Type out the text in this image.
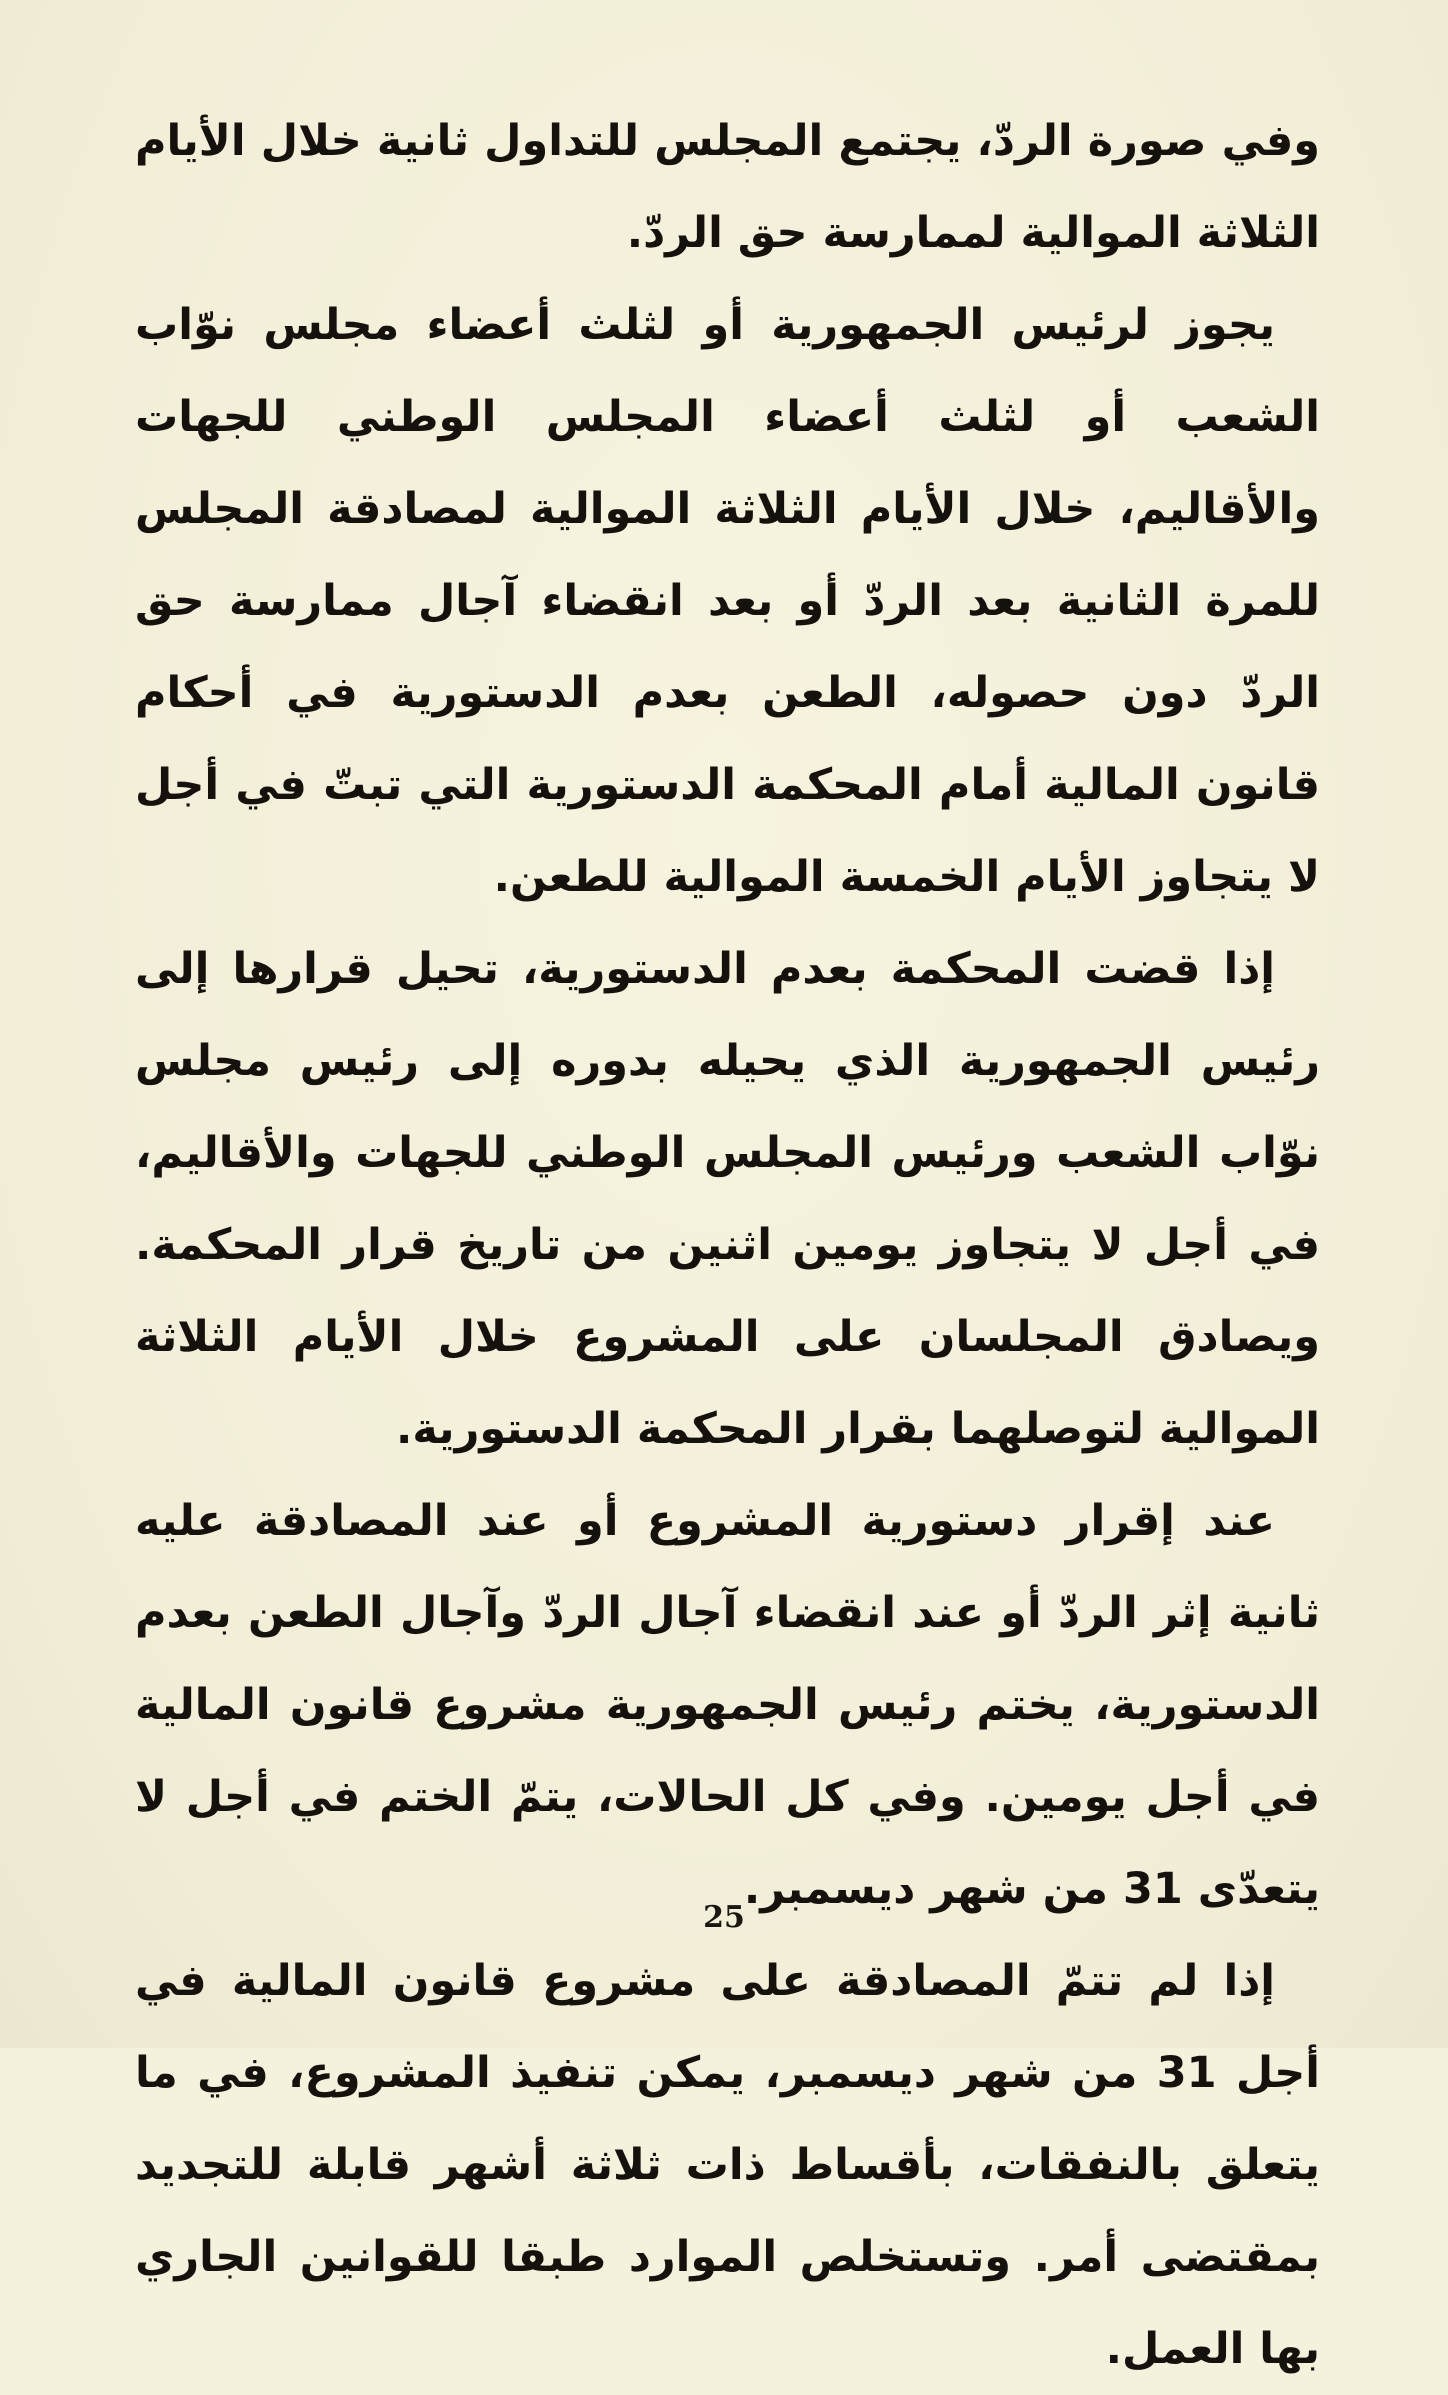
وفي صورة الردّ، يجتمع المجلس للتداول ثانية خلال الأيام الثلاثة الموالية لممارسة حق الردّ.

يجوز لرئيس الجمهورية أو لثلث أعضاء مجلس نوّاب الشعب أو لثلث أعضاء المجلس الوطني للجهات والأقاليم، خلال الأيام الثلاثة الموالية لمصادقة المجلس للمرة الثانية بعد الردّ أو بعد انقضاء آجال ممارسة حق الردّ دون حصوله، الطعن بعدم الدستورية في أحكام قانون المالية أمام المحكمة الدستورية التي تبتّ في أجل لا يتجاوز الأيام الخمسة الموالية للطعن.

إذا قضت المحكمة بعدم الدستورية، تحيل قرارها إلى رئيس الجمهورية الذي يحيله بدوره إلى رئيس مجلس نوّاب الشعب ورئيس المجلس الوطني للجهات والأقاليم، في أجل لا يتجاوز يومين اثنين من تاريخ قرار المحكمة. ويصادق المجلسان على المشروع خلال الأيام الثلاثة الموالية لتوصلهما بقرار المحكمة الدستورية.

عند إقرار دستورية المشروع أو عند المصادقة عليه ثانية إثر الردّ أو عند انقضاء آجال الردّ وآجال الطعن بعدم الدستورية، يختم رئيس الجمهورية مشروع قانون المالية في أجل يومين. وفي كل الحالات، يتمّ الختم في أجل لا يتعدّى 31 من شهر ديسمبر.

إذا لم تتمّ المصادقة على مشروع قانون المالية في أجل 31 من شهر ديسمبر، يمكن تنفيذ المشروع، في ما يتعلق بالنفقات، بأقساط ذات ثلاثة أشهر قابلة للتجديد بمقتضى أمر. وتستخلص الموارد طبقا للقوانين الجاري بها العمل.

25
